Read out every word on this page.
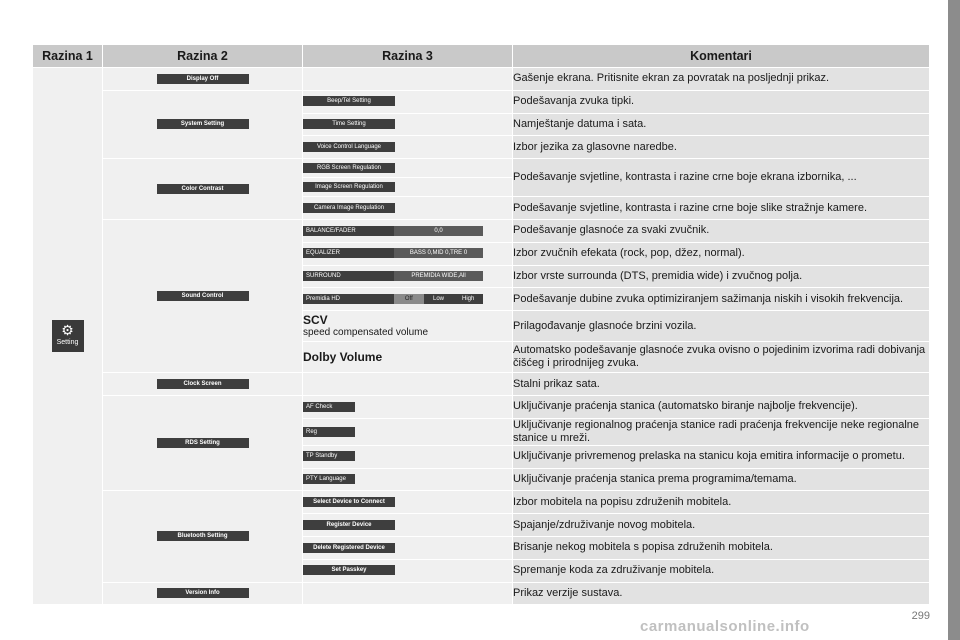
Razina 1	Razina 2	Razina 3	Komentari

⚙
Setting	Display Off		Gašenje ekrana. Pritisnite ekran za povratak na posljednji prikaz.
	System Setting	Beep/Tel Setting	Podešavanja zvuka tipki.
		Time Setting	Namještanje datuma i sata.
		Voice Control Language	Izbor jezika za glasovne naredbe.
	Color Contrast	RGB Screen Regulation	Podešavanje svjetline, kontrasta i razine crne boje ekrana izbornika, ...
		Image Screen Regulation	
		Camera Image Regulation	Podešavanje svjetline, kontrasta i razine crne boje slike stražnje kamere.
	Sound Control	BALANCE/FADER 0,0	Podešavanje glasnoće za svaki zvučnik.

		EQUALIZER BASS 0,MID 0,TRE 0	Izbor zvučnih efekata (rock, pop, džez, normal).

		SURROUND PREMIDIA WIDE,All	Izbor vrste surrounda (DTS, premidia wide) i zvučnog polja.

		Premidia HD Off Low High	Podešavanje dubine zvuka optimiziranjem sažimanja niskih i visokih frekvencija.

		SCV
speed compensated volume	Prilagođavanje glasnoće brzini vozila.
		Dolby Volume	Automatsko podešavanje glasnoće zvuka ovisno o pojedinim izvorima radi dobivanja čišćeg i prirodnijeg zvuka.
	Clock Screen		Stalni prikaz sata.
	RDS Setting	AF Check	Uključivanje praćenja stanica (automatsko biranje najbolje frekvencije).
		Reg	Uključivanje regionalnog praćenja stanice radi praćenja frekvencije neke regionalne stanice u mreži.
		TP Standby	Uključivanje privremenog prelaska na stanicu koja emitira informacije o prometu.
		PTY Language	Uključivanje praćenja stanica prema programima/temama.
	Bluetooth Setting	Select Device to Connect	Izbor mobitela na popisu združenih mobitela.
		Register Device	Spajanje/združivanje novog mobitela.
		Delete Registered Device	Brisanje nekog mobitela s popisa združenih mobitela.
		Set Passkey	Spremanje koda za združivanje mobitela.
	Version Info		Prikaz verzije sustava.
299
carmanualsonline.info
